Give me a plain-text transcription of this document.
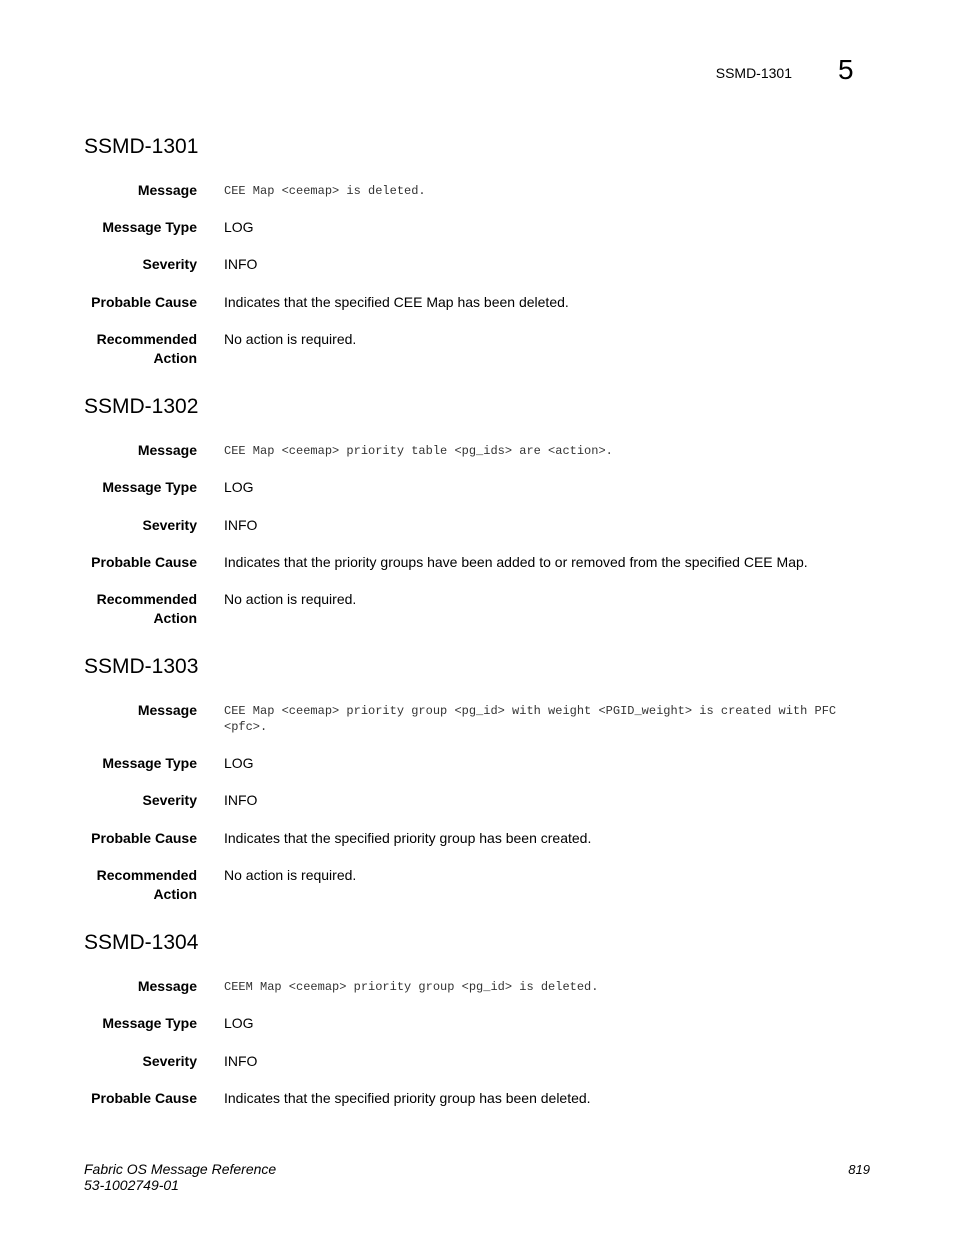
SSMD-1301 5
SSMD-1301
Message CEE Map <ceemap> is deleted.
Message Type LOG
Severity INFO
Probable Cause Indicates that the specified CEE Map has been deleted.
Recommended Action
No action is required.
SSMD-1302
Message CEE Map <ceemap> priority table <pg_ids> are <action>.
Message Type LOG
Severity INFO
Probable Cause Indicates that the priority groups have been added to or removed from the specified CEE Map.
Recommended Action
No action is required.
SSMD-1303
Message CEE Map <ceemap> priority group <pg_id> with weight <PGID_weight> is created with PFC <pfc>.
Message Type LOG
Severity INFO
Probable Cause Indicates that the specified priority group has been created.
Recommended Action
No action is required.
SSMD-1304
Message CEEM Map <ceemap> priority group <pg_id> is deleted.
Message Type LOG
Severity INFO
Probable Cause Indicates that the specified priority group has been deleted.
Fabric OS Message Reference
53-1002749-01
819
